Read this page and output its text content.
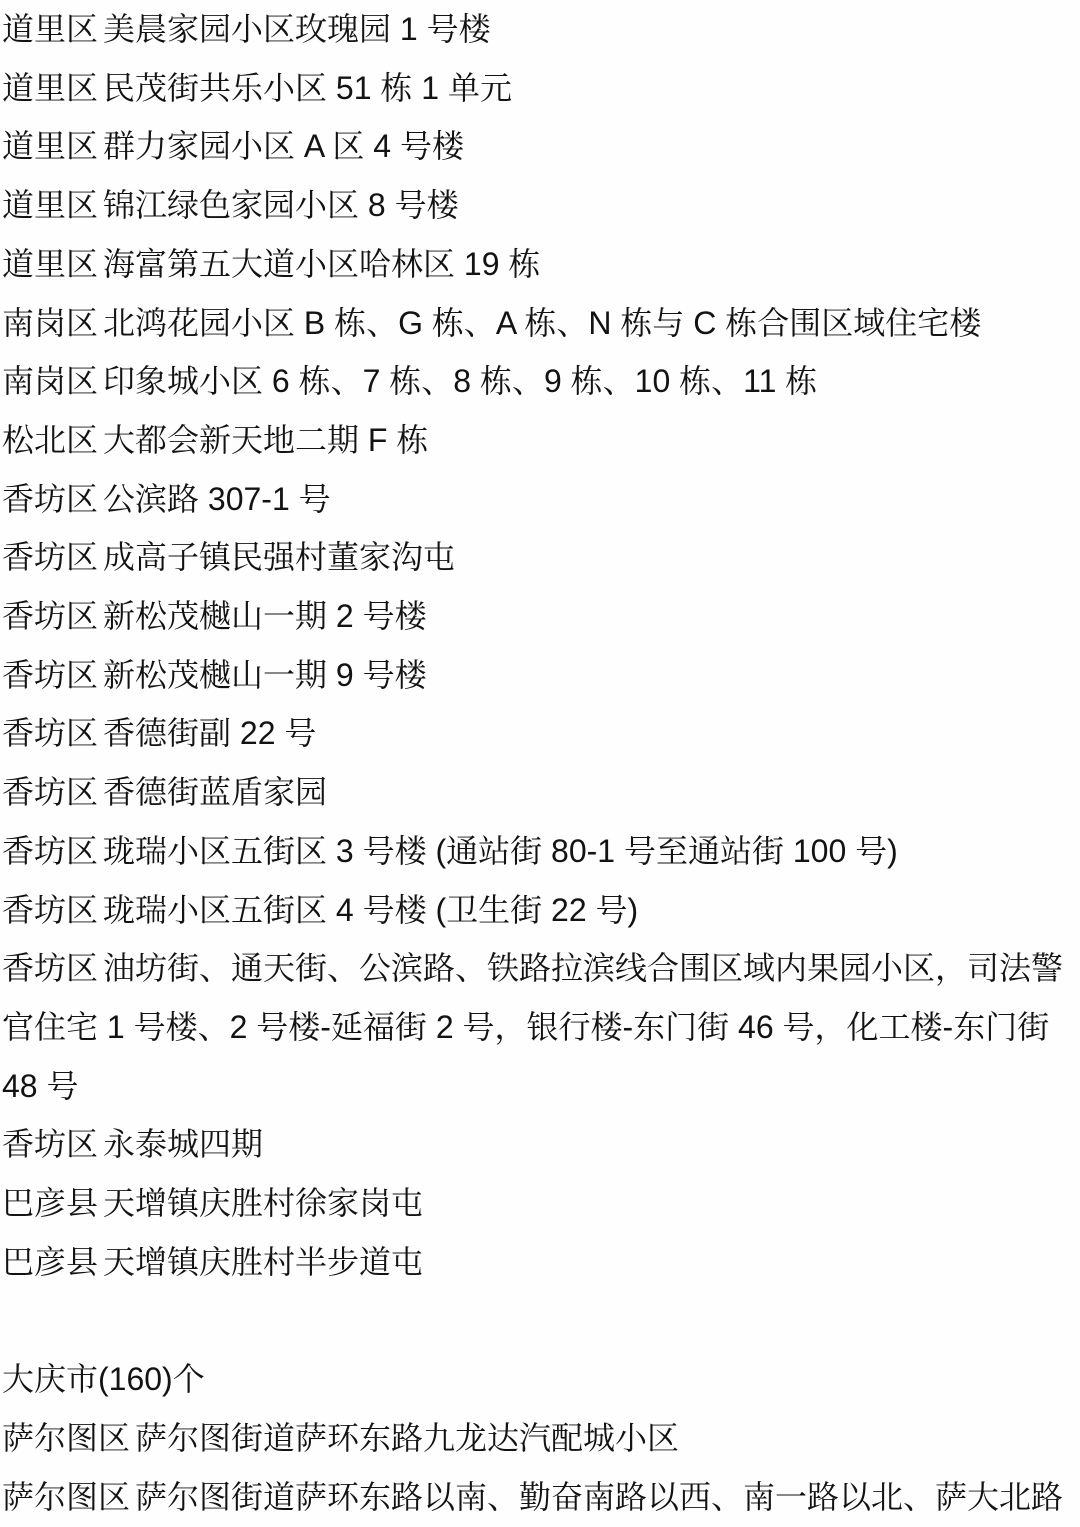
道里区 美晨家园小区玫瑰园 1 号楼

道里区 民茂街共乐小区 51 栋 1 单元

道里区 群力家园小区 A 区 4 号楼

道里区 锦江绿色家园小区 8 号楼

道里区 海富第五大道小区哈林区 19 栋

南岗区 北鸿花园小区 B 栋、G 栋、A 栋、N 栋与 C 栋合围区域住宅楼

南岗区 印象城小区 6 栋、7 栋、8 栋、9 栋、10 栋、11 栋

松北区 大都会新天地二期 F 栋

香坊区 公滨路 307-1 号

香坊区 成高子镇民强村董家沟屯

香坊区 新松茂樾山一期 2 号楼

香坊区 新松茂樾山一期 9 号楼

香坊区 香德街副 22 号

香坊区 香德街蓝盾家园

香坊区 珑瑞小区五街区 3 号楼 (通站街 80-1 号至通站街 100 号)

香坊区 珑瑞小区五街区 4 号楼 (卫生街 22 号)

香坊区 油坊街、通天街、公滨路、铁路拉滨线合围区域内果园小区，司法警官住宅 1 号楼、2 号楼-延福街 2 号，银行楼-东门街 46 号，化工楼-东门街 48 号

香坊区 永泰城四期

巴彦县 天增镇庆胜村徐家岗屯

巴彦县 天增镇庆胜村半步道屯

大庆市(160)个

萨尔图区 萨尔图街道萨环东路九龙达汽配城小区

萨尔图区 萨尔图街道萨环东路以南、勤奋南路以西、南一路以北、萨大北路
